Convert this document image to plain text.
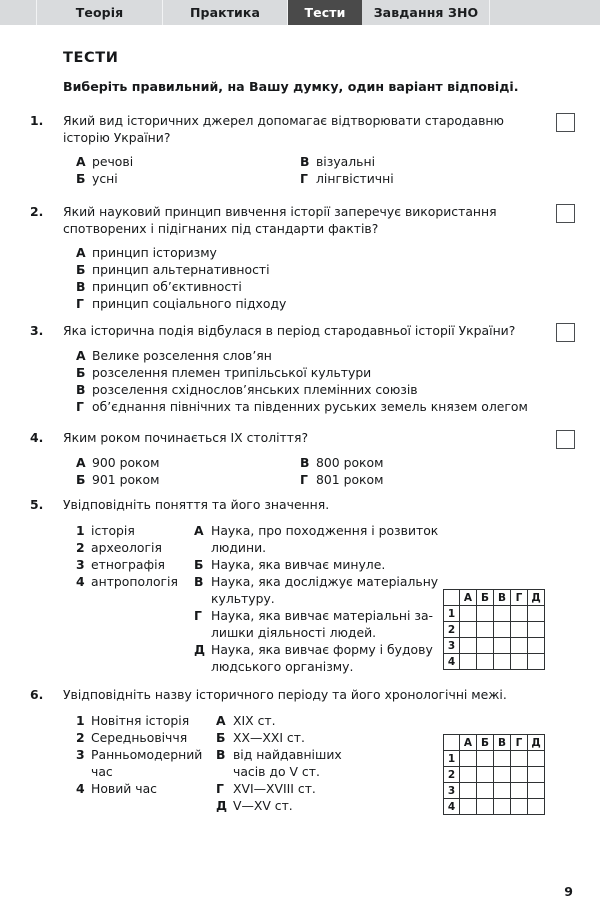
Теорія	Практика	Тести Завдання ЗНО
ТЕСТИ
Виберіть правильний, на Вашу думку, один варіант відповіді.
1.	Який вид історичних джерел допомагає відтворювати стародавню історію України?
А речові	В візуальні
Б усні	Г лінгвістичні
2.	Який науковий принцип вивчення історії заперечує використання спотворених і підігнаних під стандарти фактів?
А принцип історизму
Б принцип альтернативності
В принцип об’єктивності
Г принцип соціального підходу
3.	Яка історична подія відбулася в період стародавньої історії України?
А Велике розселення слов’ян
Б розселення племен трипільської культури
В розселення східнослов’янських племінних союзів
Г об’єднання північних та південних руських земель князем олегом
4.	Яким роком починається ІХ століття?
А 900 роком	В 800 роком
Б 901 роком	Г 801 роком
5.	Увідповідніть поняття та його значення.
1 історія
2 археологія
3 етнографія
4 антропологія
А Наука, про походження і розвиток людини.
Б Наука, яка вивчає минуле.
В Наука, яка досліджує матеріальну культуру.
Г Наука, яка вивчає матеріальні за-лишки діяльності людей.
Д Наука, яка вивчає форму і будову людського організму.
	А	Б	В	Г	Д
1					
2					
3					
4					
6.	Увідповідніть назву історичного періоду та його хронологічні межі.
1 Новітня історія
2 Середньовіччя
3 Ранньомодерний час
4 Новий час
А ХIХ ст.
Б ХХ—ХХІ ст.
В від найдавніших часів до V ст.
Г ХVІ—ХVІІІ ст.
Д V—ХV ст.
	А	Б	В	Г	Д
1					
2					
3					
4					
9
